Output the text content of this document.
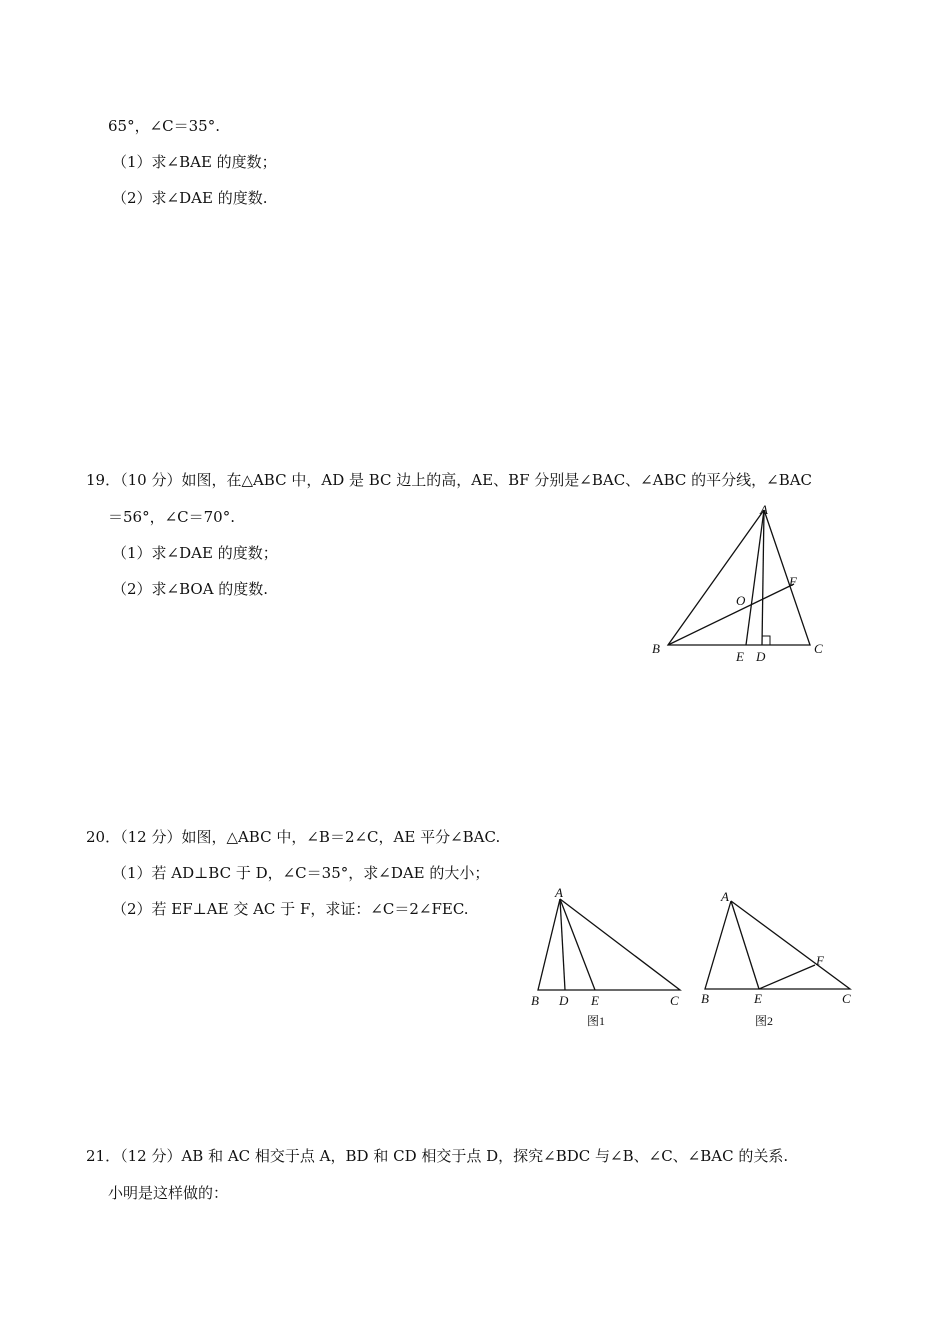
65°，∠C＝35°.
（1）求∠BAE 的度数；
（2）求∠DAE 的度数.
19．（10 分）如图，在△ABC 中，AD 是 BC 边上的高，AE、BF 分别是∠BAC、∠ABC 的平分线，∠BAC
＝56°，∠C＝70°.
（1）求∠DAE 的度数；
（2）求∠BOA 的度数.
A
B	C
D
E
F
O
20．（12 分）如图，△ABC 中，∠B＝2∠C，AE 平分∠BAC.
（1）若 AD⊥BC 于 D，∠C＝35°，求∠DAE 的大小；
（2）若 EF⊥AE 交 AC 于 F，求证：∠C＝2∠FEC.
A
B D E	C
图1
A
B	E	C
F
图2
21．（12 分）AB 和 AC 相交于点 A，BD 和 CD 相交于点 D，探究∠BDC 与∠B、∠C、∠BAC 的关系.
小明是这样做的：
